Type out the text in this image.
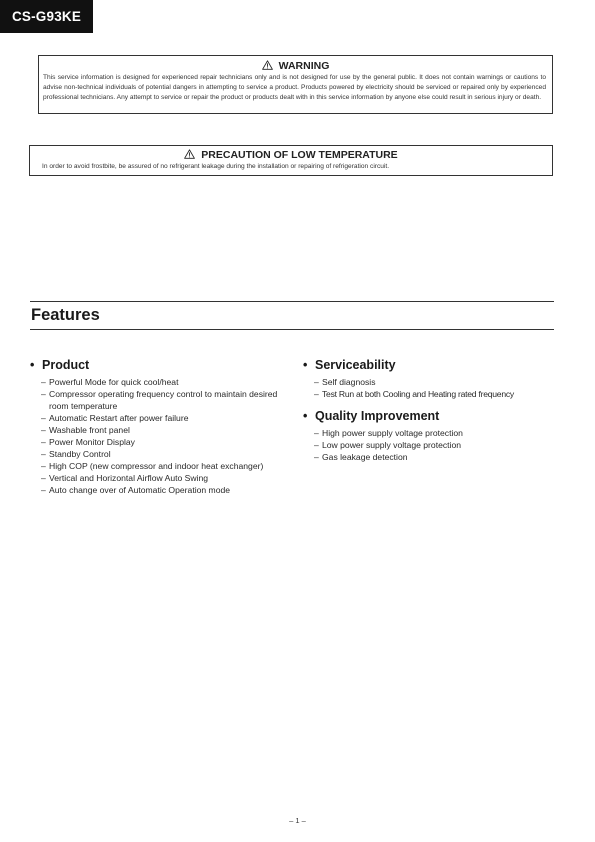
CS-G93KE
WARNING
This service information is designed for experienced repair technicians only and is not designed for use by the general public. It does not contain warnings or cautions to advise non-technical individuals of potential dangers in attempting to service a product. Products powered by electricity should be serviced or repaired only by experienced professional technicians. Any attempt to service or repair the product or products dealt with in this service information by anyone else could result in serious injury or death.
PRECAUTION OF LOW TEMPERATURE
In order to avoid frostbite, be assured of no refrigerant leakage during the installation or repairing of refrigeration circuit.
Features
• Product
– Powerful Mode for quick cool/heat
– Compressor operating frequency control to maintain desired room temperature
– Automatic Restart after power failure
– Washable front panel
– Power Monitor Display
– Standby Control
– High COP (new compressor and indoor heat exchanger)
– Vertical and Horizontal Airflow Auto Swing
– Auto change over of Automatic Operation mode
• Serviceability
– Self diagnosis
– Test Run at both Cooling and Heating rated frequency
• Quality Improvement
– High power supply voltage protection
– Low power supply voltage protection
– Gas leakage detection
– 1 –
